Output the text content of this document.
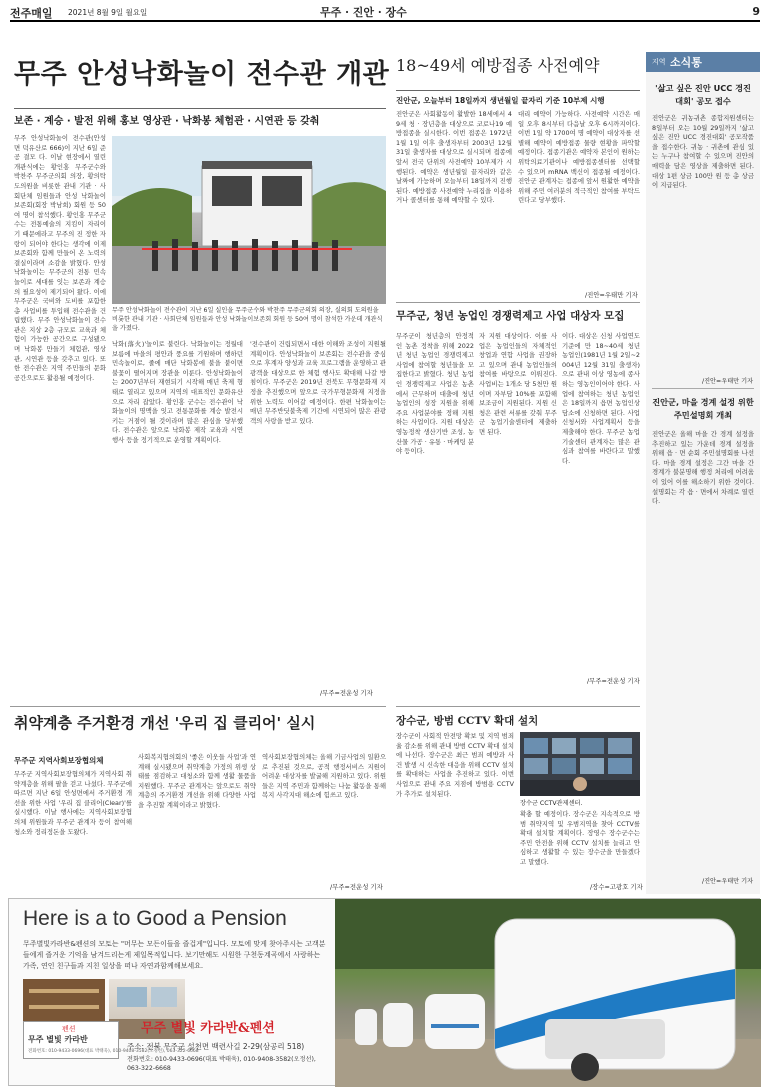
전주매일 2021년 8월 9일 월요일	무주 · 진안 · 장수	9
무주 안성낙화놀이 전수관 개관
보존 · 계승 · 발전 위해 홍보 영상관 · 낙화봉 체험관 · 시연관 등 갖춰
무주 안성낙화놀이 전수관(안성면 덕유산로 666)이 지난 6일 준공 결모 다. 이날 현장에서 열린 개관식에는 황인홍 무주군수와 박찬주 무주군의회 의장, 황의탁 도의원을 비롯한 관내 기관 · 사회단체 임원들과 안성 낙화놀이보존회(회장 박남희) 회원 등 50여 명이 참석했다. 황인홍 무주군수는 전통예술의 지킴이 자리이기 때문에라고 무주의 진 정한 자랑이 되어야 한다는 생각에 이제 보존회와 함께 만들어 온 노력의 결실이라며 소감을 밝혔다. 안성낙화놀이는 무주군의 전통 민속놀이로 세대를 잇는 보존과 계승의 필요성이 제기되어 왔다. 이에 무주군은 국비와 도비를 포함한 총 사업비를 투입해 전수관을 건립했다. 무주 안성낙화놀이 전수관은 지상 2층 규모로 교육과 체험이 가능한 공간으로 구성됐으며 낙화봉 만들기 체험관, 영상관, 시연관 등을 갖추고 있다. 또한 전수관은 지역 주민들의 문화 공간으로도 활용될 예정이다.
무주 안성낙화놀이 전수관이 지난 6일 실인을 무주군수와 박찬주 무주군의회 의장, 실의회 도의원을 비롯한 관내 기관 · 사회단체 임원들과 안성 낙화놀이보존회 회원 등 50여 명이 참석한 가운데 개관식을 가졌다.
낙화(落火)'놀이로 불린다. 낙화놀이는 정월대보름에 마을의 평안과 풍요를 기원하며 행하던 민속놀이로, 줄에 매단 낙화봉에 불을 붙이면 불꽃이 떨어지며 장관을 이룬다. 안성낙화놀이는 2007년부터 재현되기 시작해 매년 축제 형태로 열리고 있으며 지역의 대표적인 문화유산으로 자리 잡았다. 황인홍 군수는 전수관이 낙화놀이의 명맥을 잇고 전통문화를 계승 발전시키는 거점이 될 것이라며 많은 관심을 당부했다. 전수관은 앞으로 낙화봉 제작 교육과 시연 행사 등을 정기적으로 운영할 계획이다.
'전수관이 건립되면서 대한 이해와 조성이 지원될 계획이다. 안성낙화놀이 보존회는 전수관을 중심으로 후계자 양성과 교육 프로그램을 운영하고 관광객을 대상으로 한 체험 행사도 확대해 나갈 방침이다. 무주군은 2019년 전북도 무형문화재 지정을 추진했으며 앞으로 국가무형문화재 지정을 위한 노력도 이어갈 예정이다. 한편 낙화놀이는 매년 무주반딧불축제 기간에 시연되어 많은 관광객의 사랑을 받고 있다.
/무주=전운성 기자
18~49세 예방접종 사전예약
진안군, 오늘부터 18일까지 생년월일 끝자리 기준 10부제 시행
진안군은 사회활동이 활발한 18세에서 49세 청 · 장년층을 대상으로 코로나19 예방접종을 실시한다. 이번 접종은 1972년 1월 1일 이후 출생자부터 2003년 12월 31일 출생자를 대상으로 실시되며 접종에 앞서 전국 단위의 사전예약 10부제가 시행된다. 예약은 생년월일 끝자리와 같은 날짜에 가능하며 오늘부터 18일까지 진행된다. 예방접종 사전예약 누리집을 이용하거나 콜센터를 통해 예약할 수 있다.
대리 예약이 가능하다. 사전예약 시간은 매일 오후 8시부터 다음날 오후 6시까지이다. 이번 1일 약 1700여 명 예약이 대상자를 선별해 예약이 예방접종 물량 현황을 파악할 예정이다. 접종기관은 예약자 본인이 원하는 위탁의료기관이나 예방접종센터를 선택할 수 있으며 mRNA 백신이 접종될 예정이다. 진안군 관계자는 접종에 앞서 원활한 예약을 위해 주민 여러분의 적극적인 참여를 부탁드린다고 당부했다.
/진안=우태만 기자
무주군, 청년 농업인 경쟁력제고 사업 대상자 모집
무주군이 청년층의 안정적인 농촌 정착을 위해 2022년 청년 농업인 경쟁력제고 사업에 참여할 청년들을 모집한다고 밝혔다. 청년 농업인 경쟁력제고 사업은 농촌에서 근무하며 대출에 청년 농업인의 성장 지원을 위해 주요 사업분야를 정해 지원하는 사업이다. 지원 대상은 영농정착 생산기반 조성, 농산물 가공 · 유통 · 마케팅 분야 등이다.
자 지원 대상이다. 이를 사업은 농업인들의 자체적인 창업과 연합 사업을 권장하고 있으며 관내 농업인들의 참여를 바탕으로 이뤄진다. 사업비는 1개소 당 5천만 원이며 자부담 10%를 포함해 보조금이 지원된다. 지원 신청은 관련 서류를 갖춰 무주군 농업기술센터에 제출하면 된다.
이다. 대상은 신청 사업연도 기준에 만 18~40세 청년 농업인(1981년 1월 2일~2004년 12월 31일 출생자)으로 관내 이상 영농에 종사하는 영농인이어야 한다. 사업에 참여하는 청년 농업인은 18일까지 읍면 농업인상담소에 신청하면 된다. 사업신청서와 사업계획서 등을 제출해야 한다. 무주군 농업기술센터 관계자는 많은 관심과 참여를 바란다고 말했다.
/무주=전운성 기자
취약계층 주거환경 개선 '우리 집 클리어' 실시
무주군 지역사회보장협의체
무주군 지역사회보장협의체가 지역사회 취약계층을 위해 팔을 걷고 나섰다. 무주군에 따르면 지난 6일 안성면에서 주거환경 개선을 위한 사업 '우리 집 클리어(Clear)'를 실시했다. 이날 행사에는 지역사회보장협의체 위원들과 무주군 관계자 등이 참여해 청소와 정리정돈을 도왔다.
사회복지협의회의 '좋은 이웃들 사업'과 연계해 실시됐으며 취약계층 가정의 위생 상태를 점검하고 대청소와 함께 생활 물품을 지원했다. 무주군 관계자는 앞으로도 취약계층의 주거환경 개선을 위해 다양한 사업을 추진할 계획이라고 밝혔다.
역사회보장협의체는 올해 기금사업의 일환으로 추진된 것으로, 공적 행정서비스 지원이 어려운 대상자를 발굴해 지원하고 있다. 위원들은 지역 주민과 함께하는 나눔 활동을 통해 복지 사각지대 해소에 힘쓰고 있다.
/무주=전운성 기자
장수군, 방범 CCTV 확대 설치
장수군이 사회적 안전망 확보 및 지역 범죄율 감소를 위해 관내 방범 CCTV 확대 설치에 나선다. 장수군은 최근 범죄 예방과 사건 발생 시 신속한 대응을 위해 CCTV 설치를 확대하는 사업을 추진하고 있다. 이번 사업으로 관내 주요 지점에 방범용 CCTV가 추가로 설치된다.
장수군 CCTV관제센터.
확충 할 예정이다. 장수군은 지속적으로 방범 취약지역 및 우범지역을 찾아 CCTV를 확대 설치할 계획이다. 장영수 장수군수는 주민 안전을 위해 CCTV 설치를 늘리고 안심하고 생활할 수 있는 장수군을 만들겠다고 말했다.
/장수=고광호 기자
지역 소식통
'삶고 싶은 진안 UCC 경진대회' 공모 접수
진안군은 귀농귀촌 종합지원센터는 8일부터 오는 10월 29일까지 '삶고 싶은 진안 UCC 경진대회' 공모작품을 접수한다. 귀농 · 귀촌에 관심 있는 누구나 참여할 수 있으며 진안의 매력을 담은 영상을 제출하면 된다. 대상 1편 상금 100만 원 등 총 상금이 지급된다.
/진안=우태만 기자
진안군, 마을 경계 설정 위한 주민설명회 개최
진안군은 올해 마을 간 경계 설정을 추진하고 있는 가운데 경계 설정을 위해 읍 · 면 순회 주민설명회를 나선다. 마을 경계 설정은 그간 마을 간 경계가 불분명해 행정 처리에 어려움이 있어 이를 해소하기 위한 것이다. 설명회는 각 읍 · 면에서 차례로 열린다.
/진안=우태만 기자
Here is a to Good a Pension
무주별빛카라반&펜션의 모토는 "머무는 모든이들을 즐겁게"입니다. 모토에 맞게 찾아주시는 고객분들에게 즐거운 기억을 남겨드리는게 제일목적입니다. 보기만해도 시원한 구천동계곡에서 사랑하는 가족, 연인 친구들과 지친 일상을 떠나 자연과함께해보세요.
펜션
무주 별빛 카라반
전화번호: 010-9433-0696(대표 박태욱), 010-9408-3582(오정선), 063-322-6668
무주 별빛 카라반&펜션
주소: 전북 무주군 설천면 백련사길 2-29(삼공리 518)
전화번호: 010-9433-0696(대표 박태욱), 010-9408-3582(오정선), 063-322-6668
